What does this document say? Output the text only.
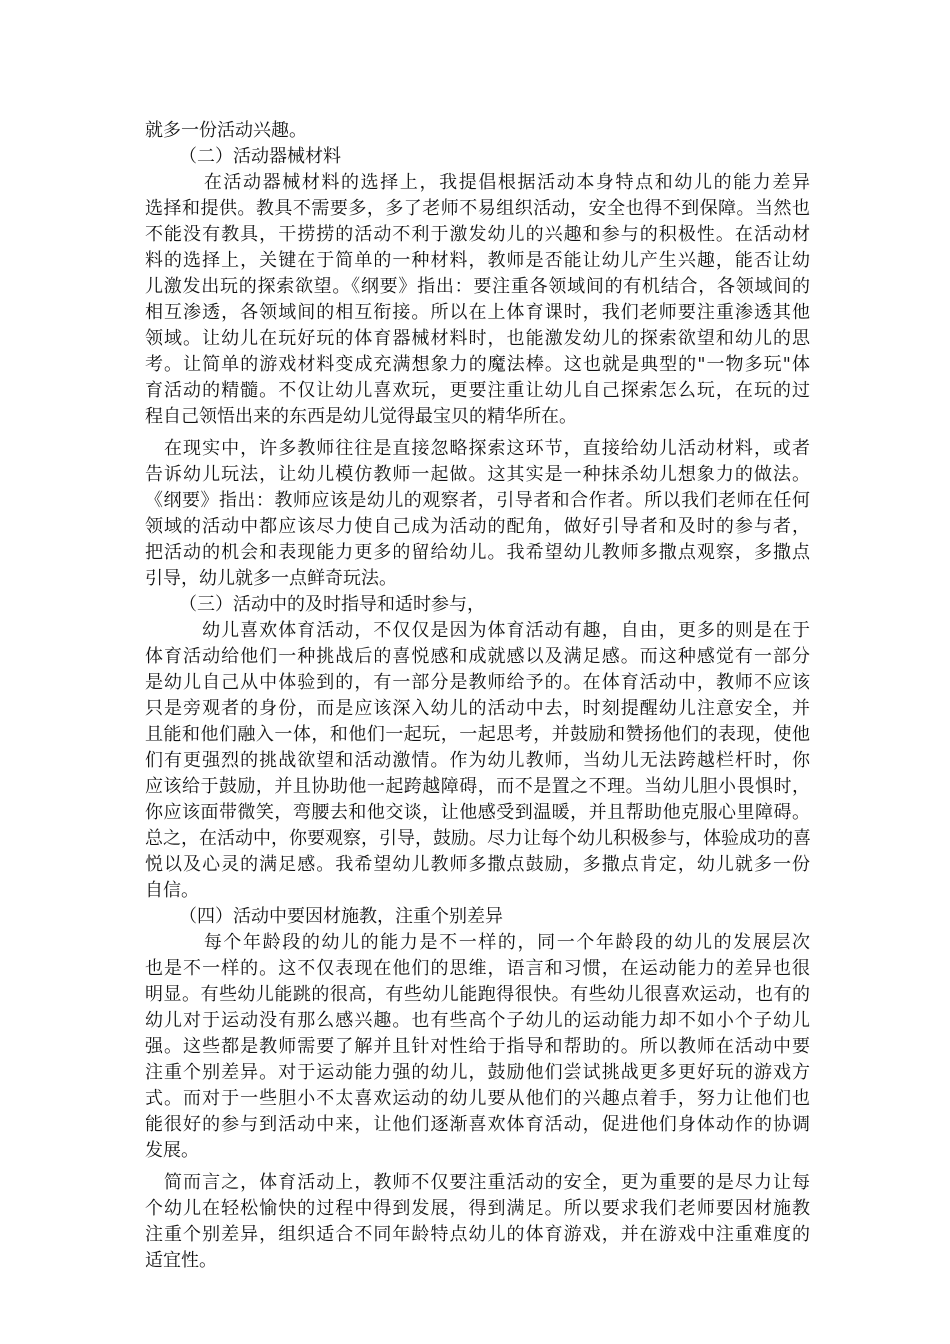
就多一份活动兴趣。
（二）活动器械材料
　　　在活动器械材料的选择上，我提倡根据活动本身特点和幼儿的能力差异
选择和提供。教具不需要多，多了老师不易组织活动，安全也得不到保障。当然也
不能没有教具，干捞捞的活动不利于激发幼儿的兴趣和参与的积极性。在活动材
料的选择上，关键在于简单的一种材料，教师是否能让幼儿产生兴趣，能否让幼
儿激发出玩的探索欲望。《纲要》指出：要注重各领域间的有机结合，各领域间的
相互渗透，各领域间的相互衔接。所以在上体育课时，我们老师要注重渗透其他
领域。让幼儿在玩好玩的体育器械材料时，也能激发幼儿的探索欲望和幼儿的思
考。让简单的游戏材料变成充满想象力的魔法棒。这也就是典型的"一物多玩"体
育活动的精髓。不仅让幼儿喜欢玩，更要注重让幼儿自己探索怎么玩，在玩的过
程自己领悟出来的东西是幼儿觉得最宝贝的精华所在。
　在现实中，许多教师往往是直接忽略探索这环节，直接给幼儿活动材料，或者
告诉幼儿玩法，让幼儿模仿教师一起做。这其实是一种抹杀幼儿想象力的做法。
《纲要》指出：教师应该是幼儿的观察者，引导者和合作者。所以我们老师在任何
领域的活动中都应该尽力使自己成为活动的配角，做好引导者和及时的参与者，
把活动的机会和表现能力更多的留给幼儿。我希望幼儿教师多撒点观察，多撒点
引导，幼儿就多一点鲜奇玩法。
（三）活动中的及时指导和适时参与，
　　　幼儿喜欢体育活动，不仅仅是因为体育活动有趣，自由，更多的则是在于
体育活动给他们一种挑战后的喜悦感和成就感以及满足感。而这种感觉有一部分
是幼儿自己从中体验到的，有一部分是教师给予的。在体育活动中，教师不应该
只是旁观者的身份，而是应该深入幼儿的活动中去，时刻提醒幼儿注意安全，并
且能和他们融入一体，和他们一起玩，一起思考，并鼓励和赞扬他们的表现，使他
们有更强烈的挑战欲望和活动激情。作为幼儿教师，当幼儿无法跨越栏杆时，你
应该给于鼓励，并且协助他一起跨越障碍，而不是置之不理。当幼儿胆小畏惧时，
你应该面带微笑，弯腰去和他交谈，让他感受到温暖，并且帮助他克服心里障碍。
总之，在活动中，你要观察，引导，鼓励。尽力让每个幼儿积极参与，体验成功的喜
悦以及心灵的满足感。我希望幼儿教师多撒点鼓励，多撒点肯定，幼儿就多一份
自信。
（四）活动中要因材施教，注重个别差异
　　　每个年龄段的幼儿的能力是不一样的，同一个年龄段的幼儿的发展层次
也是不一样的。这不仅表现在他们的思维，语言和习惯，在运动能力的差异也很
明显。有些幼儿能跳的很高，有些幼儿能跑得很快。有些幼儿很喜欢运动，也有的
幼儿对于运动没有那么感兴趣。也有些高个子幼儿的运动能力却不如小个子幼儿
强。这些都是教师需要了解并且针对性给于指导和帮助的。所以教师在活动中要
注重个别差异。对于运动能力强的幼儿，鼓励他们尝试挑战更多更好玩的游戏方
式。而对于一些胆小不太喜欢运动的幼儿要从他们的兴趣点着手，努力让他们也
能很好的参与到活动中来，让他们逐渐喜欢体育活动，促进他们身体动作的协调
发展。
　简而言之，体育活动上，教师不仅要注重活动的安全，更为重要的是尽力让每
个幼儿在轻松愉快的过程中得到发展，得到满足。所以要求我们老师要因材施教
注重个别差异，组织适合不同年龄特点幼儿的体育游戏，并在游戏中注重难度的
适宜性。
